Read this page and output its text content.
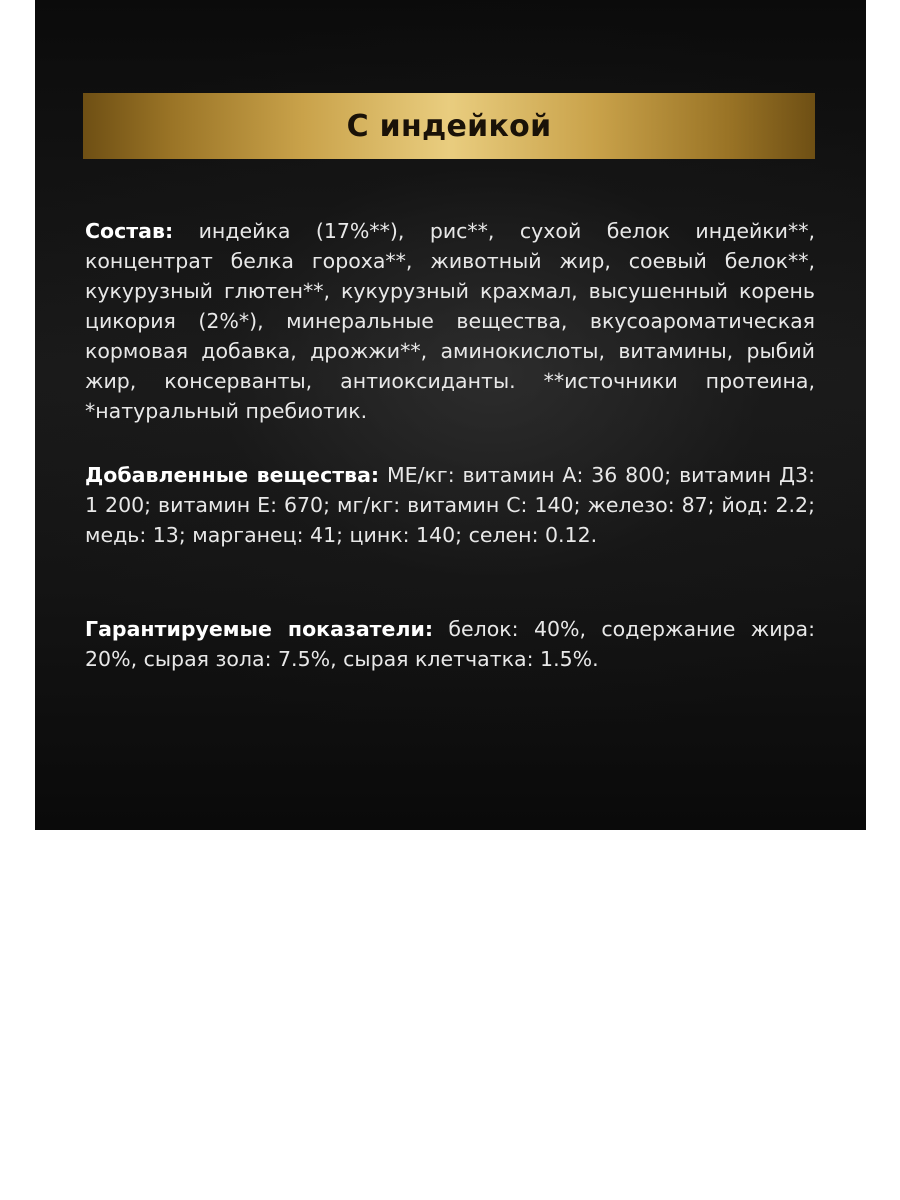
С индейкой
Состав: индейка (17%**), рис**, сухой белок индейки**, концентрат белка гороха**, животный жир, соевый белок**, кукурузный глютен**, кукурузный крахмал, высушенный корень цикория (2%*), минеральные вещества, вкусоароматическая кормовая добавка, дрожжи**, аминокислоты, витамины, рыбий жир, консерванты, антиоксиданты. **источники протеина, *натуральный пребиотик.
Добавленные вещества: МЕ/кг: витамин А: 36 800; витамин Д3: 1 200; витамин Е: 670; мг/кг: витамин С: 140; железо: 87; йод: 2.2; медь: 13; марганец: 41; цинк: 140; селен: 0.12.
Гарантируемые показатели: белок: 40%, содержание жира: 20%, сырая зола: 7.5%, сырая клетчатка: 1.5%.
